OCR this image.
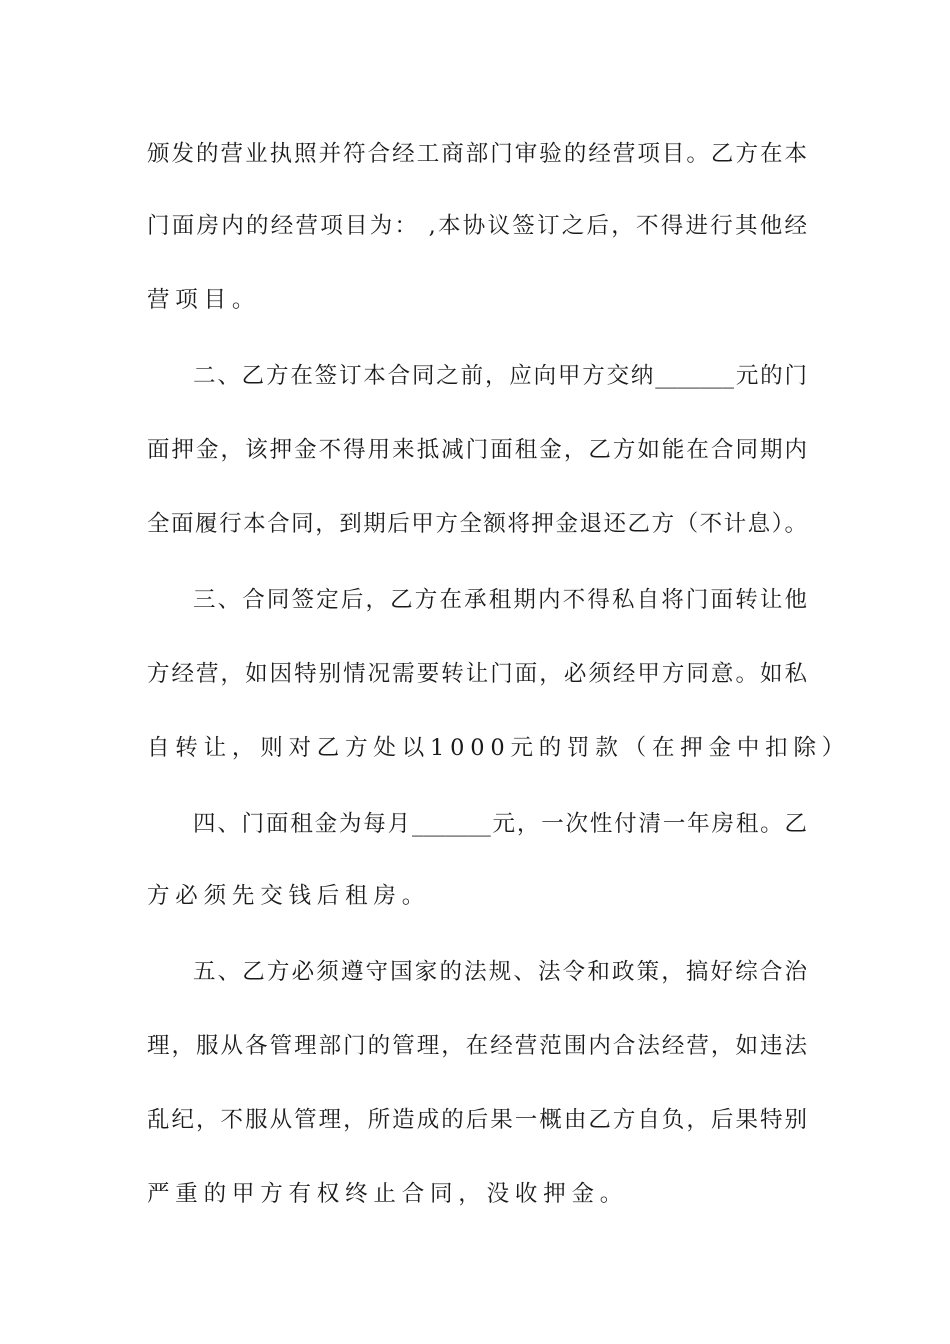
颁发的营业执照并符合经工商部门审验的经营项目。乙方在本
门面房内的经营项目为： ,本协议签订之后，不得进行其他经
营项目。
二、乙方在签订本合同之前，应向甲方交纳_______元的门
面押金，该押金不得用来抵减门面租金，乙方如能在合同期内
全面履行本合同，到期后甲方全额将押金退还乙方（不计息）。
三、合同签定后，乙方在承租期内不得私自将门面转让他
方经营，如因特别情况需要转让门面，必须经甲方同意。如私
自转让，则对乙方处以1000元的罚款（在押金中扣除）
四、门面租金为每月_______元，一次性付清一年房租。乙
方必须先交钱后租房。
五、乙方必须遵守国家的法规、法令和政策，搞好综合治
理，服从各管理部门的管理，在经营范围内合法经营，如违法
乱纪，不服从管理，所造成的后果一概由乙方自负，后果特别
严重的甲方有权终止合同，没收押金。
